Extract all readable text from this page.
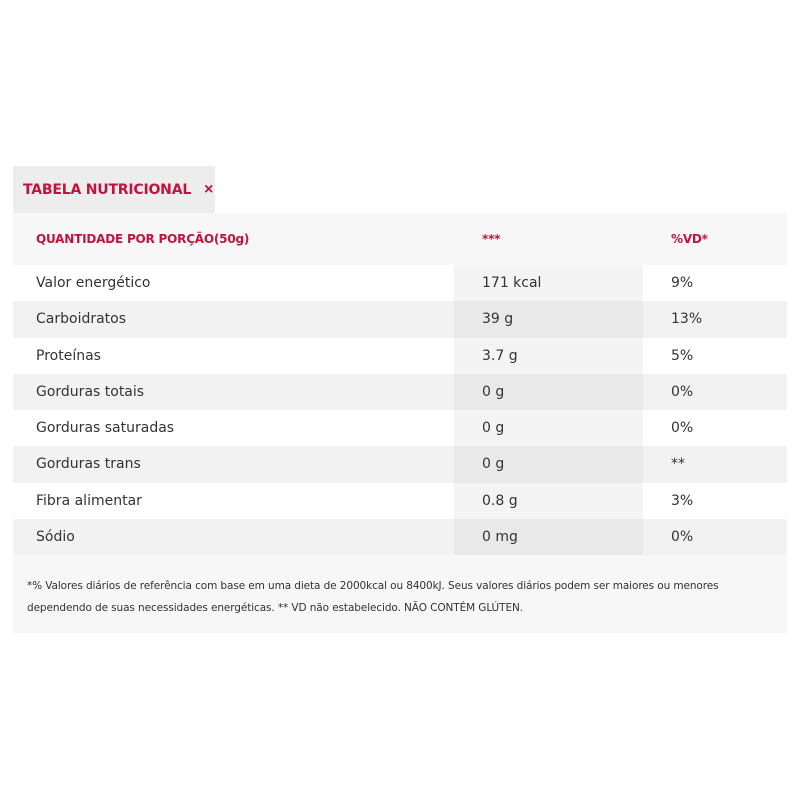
TABELA NUTRICIONAL ×
QUANTIDADE POR PORÇÃO(50g)	***	%VD*
Valor energético	171 kcal	9%
Carboidratos	39 g	13%
Proteínas	3.7 g	5%
Gorduras totais	0 g	0%
Gorduras saturadas	0 g	0%
Gorduras trans	0 g	**
Fibra alimentar	0.8 g	3%
Sódio	0 mg	0%
*% Valores diários de referência com base em uma dieta de 2000kcal ou 8400kJ. Seus valores diários podem ser maiores ou menores dependendo de suas necessidades energéticas. ** VD não estabelecido. NÃO CONTÉM GLÚTEN.
